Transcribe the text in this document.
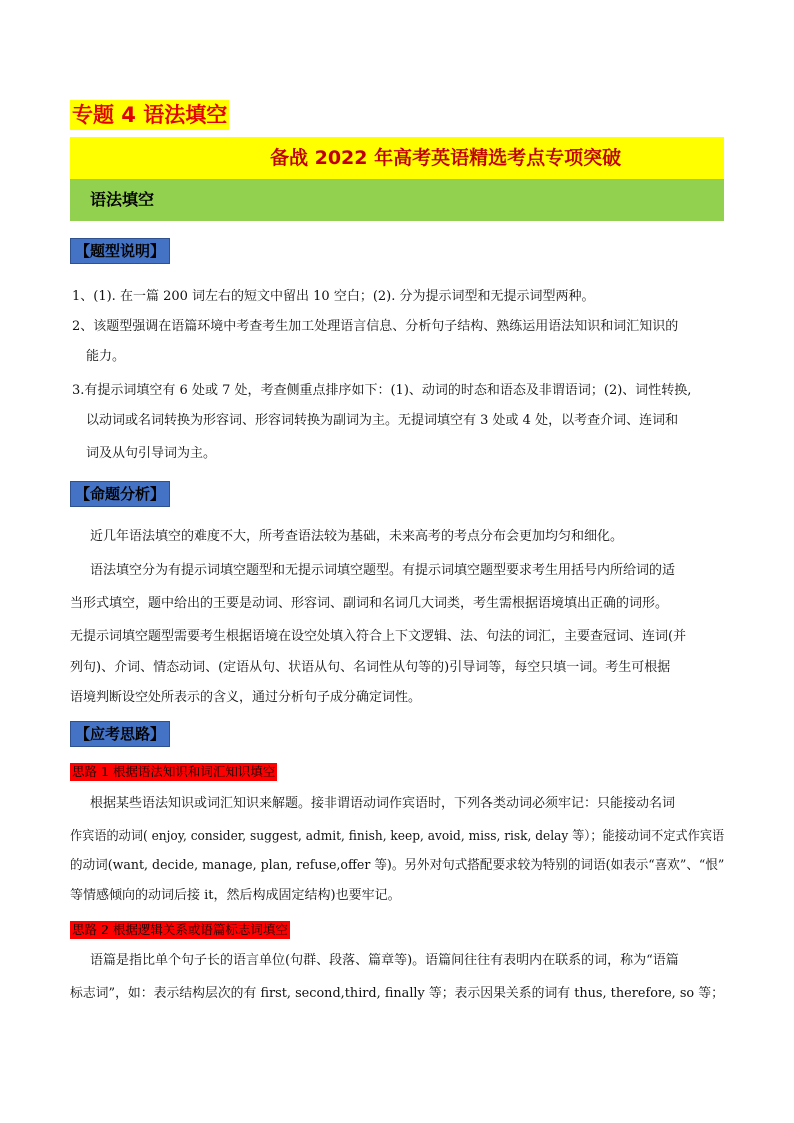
专题 4 语法填空
备战 2022 年高考英语精选考点专项突破
语法填空
【题型说明】
1、(1). 在一篇 200 词左右的短文中留出 10 空白；(2). 分为提示词型和无提示词型两种。
2、该题型强调在语篇环境中考查考生加工处理语言信息、分析句子结构、熟练运用语法知识和词汇知识的
能力。
3.有提示词填空有 6 处或 7 处，考查侧重点排序如下：(1)、动词的时态和语态及非谓语词；(2)、词性转换,
以动词或名词转换为形容词、形容词转换为副词为主。无提词填空有 3 处或 4 处，以考查介词、连词和
词及从句引导词为主。
【命题分析】
近几年语法填空的难度不大，所考查语法较为基础，未来高考的考点分布会更加均匀和细化。
语法填空分为有提示词填空题型和无提示词填空题型。有提示词填空题型要求考生用括号内所给词的适
当形式填空，题中给出的王要是动词、形容词、副词和名词几大词类，考生需根据语境填出正确的词形。
无提示词填空题型需要考生根据语境在设空处填入符合上下文逻辑、法、句法的词汇，主要查冠词、连词(并
列句)、介词、情态动词、(定语从句、状语从句、名词性从句等的)引导词等，每空只填一词。考生可根据
语境判断设空处所表示的含义，通过分析句子成分确定词性。
【应考思路】
思路 1 根据语法知识和词汇知识填空
根据某些语法知识或词汇知识来解题。接非谓语动词作宾语时，下列各类动词必须牢记：只能接动名词
作宾语的动词( enjoy, consider, suggest, admit, finish, keep, avoid, miss, risk, delay 等）；能接动词不定式作宾语
的动词(want, decide, manage, plan, refuse,offer 等)。另外对句式搭配要求较为特别的词语(如表示“喜欢”、“恨”
等情感倾向的动词后接 it，然后构成固定结构)也要牢记。
思路 2 根据逻辑关系或语篇标志词填空
语篇是指比单个句子长的语言单位(句群、段落、篇章等)。语篇间往往有表明内在联系的词，称为“语篇
标志词”，如：表示结构层次的有 first, second,third, finally 等；表示因果关系的词有 thus, therefore, so 等；
